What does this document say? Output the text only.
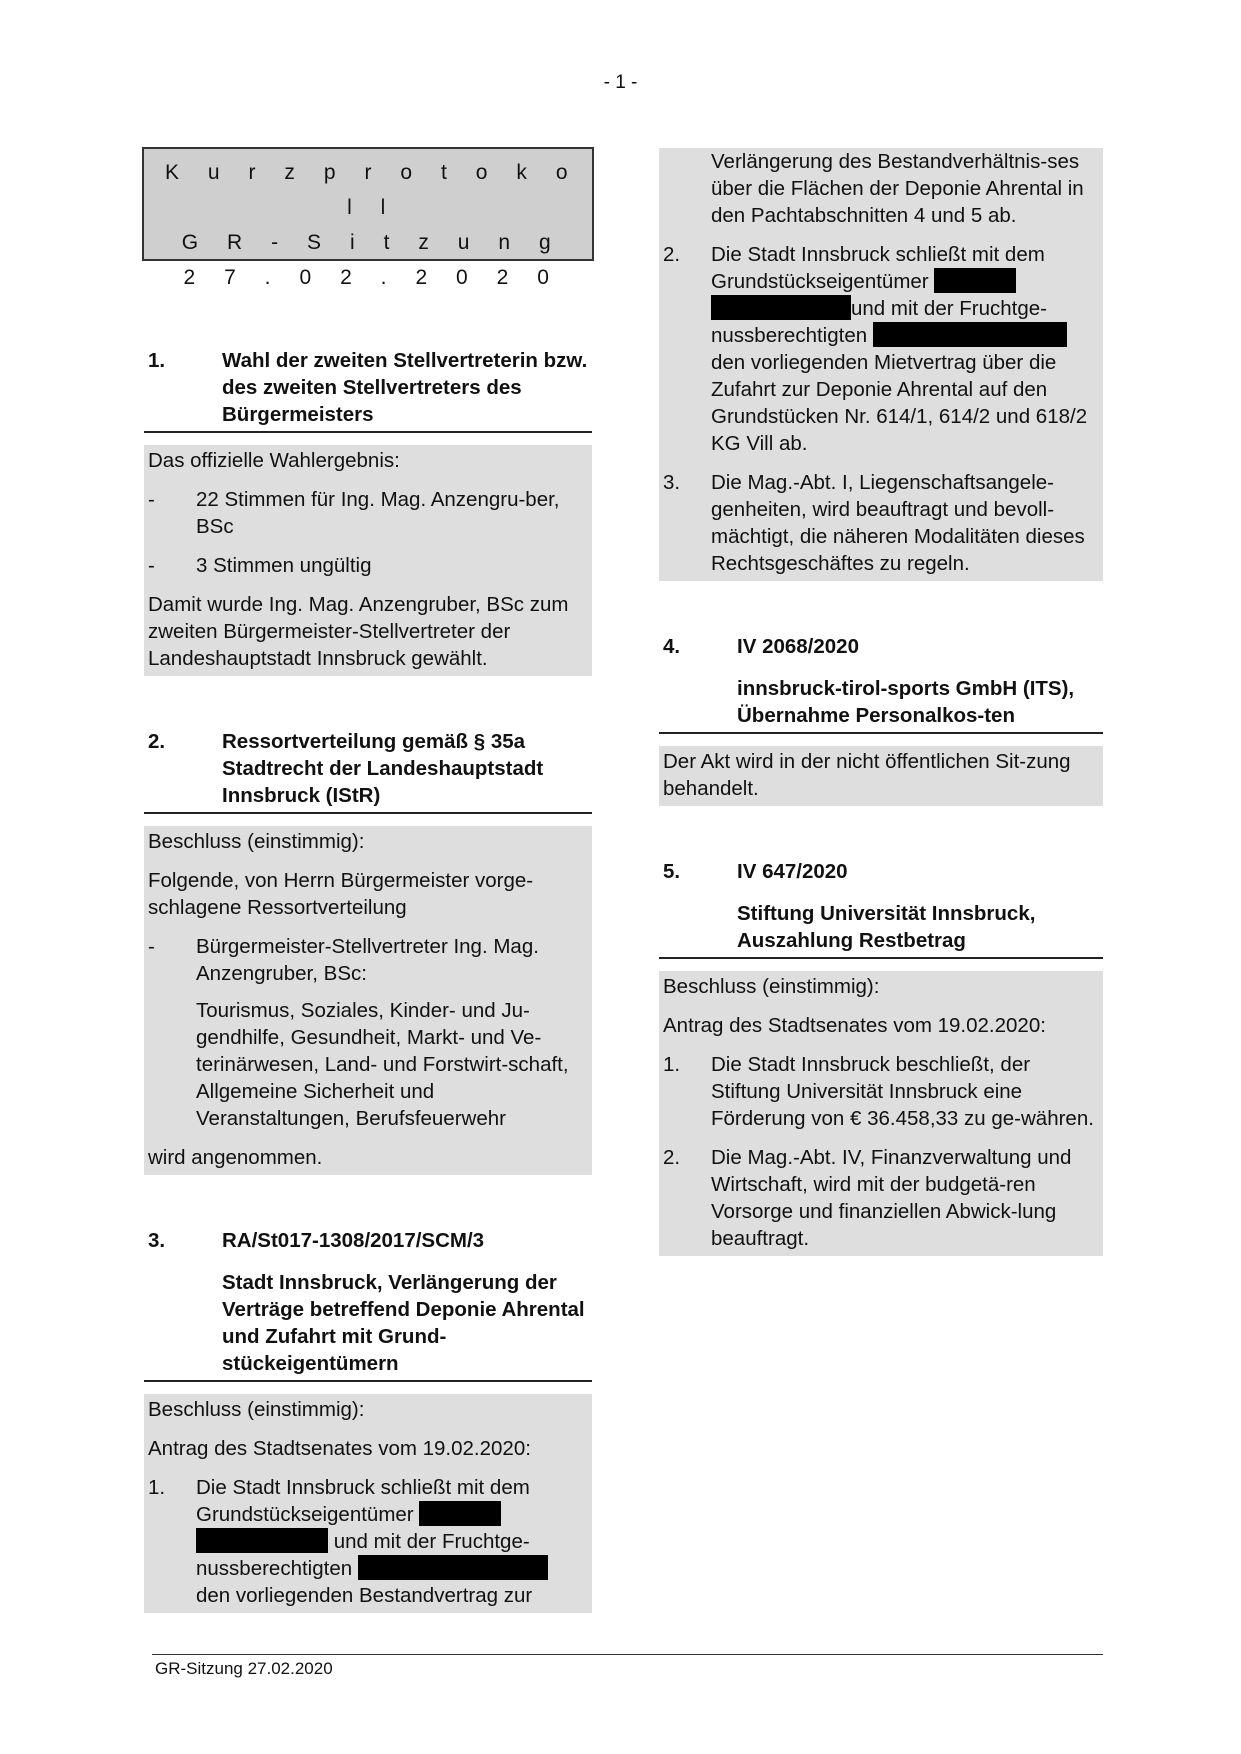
- 1 -
K u r z p r o t o k o l l
G R - S i t z u n g
2 7 . 0 2 . 2 0 2 0
1.	Wahl der zweiten Stellvertreterin bzw. des zweiten Stellvertreters des Bürgermeisters
Das offizielle Wahlergebnis:
-	22 Stimmen für Ing. Mag. Anzengru-ber, BSc
-	3 Stimmen ungültig
Damit wurde Ing. Mag. Anzengruber, BSc zum zweiten Bürgermeister-Stellvertreter der Landeshauptstadt Innsbruck gewählt.
2.	Ressortverteilung gemäß § 35a Stadtrecht der Landeshauptstadt Innsbruck (IStR)
Beschluss (einstimmig):
Folgende, von Herrn Bürgermeister vorge-schlagene Ressortverteilung
-	Bürgermeister-Stellvertreter Ing. Mag. Anzengruber, BSc:
Tourismus, Soziales, Kinder- und Ju-gendhilfe, Gesundheit, Markt- und Ve-terinärwesen, Land- und Forstwirt-schaft, Allgemeine Sicherheit und Veranstaltungen, Berufsfeuerwehr
wird angenommen.
3.	RA/St017-1308/2017/SCM/3
Stadt Innsbruck, Verlängerung der Verträge betreffend Deponie Ahrental und Zufahrt mit Grund-stückeigentümern
Beschluss (einstimmig):
Antrag des Stadtsenates vom 19.02.2020:
1.	Die Stadt Innsbruck schließt mit dem Grundstückseigentümer
und mit der Fruchtge-nussberechtigten
den vorliegenden Bestandvertrag zur
Verlängerung des Bestandverhältnis-ses über die Flächen der Deponie Ahrental in den Pachtabschnitten 4 und 5 ab.
2.	Die Stadt Innsbruck schließt mit dem Grundstückseigentümer
und mit der Fruchtge-nussberechtigten
den vorliegenden Mietvertrag über die Zufahrt zur Deponie Ahrental auf den Grundstücken Nr. 614/1, 614/2 und 618/2 KG Vill ab.
3.	Die Mag.-Abt. I, Liegenschaftsangele-genheiten, wird beauftragt und bevoll-mächtigt, die näheren Modalitäten dieses Rechtsgeschäftes zu regeln.
4.	IV 2068/2020
innsbruck-tirol-sports GmbH (ITS), Übernahme Personalkos-ten
Der Akt wird in der nicht öffentlichen Sit-zung behandelt.
5.	IV 647/2020
Stiftung Universität Innsbruck, Auszahlung Restbetrag
Beschluss (einstimmig):
Antrag des Stadtsenates vom 19.02.2020:
1.	Die Stadt Innsbruck beschließt, der Stiftung Universität Innsbruck eine Förderung von € 36.458,33 zu ge-währen.
2.	Die Mag.-Abt. IV, Finanzverwaltung und Wirtschaft, wird mit der budgetä-ren Vorsorge und finanziellen Abwick-lung beauftragt.
GR-Sitzung 27.02.2020
